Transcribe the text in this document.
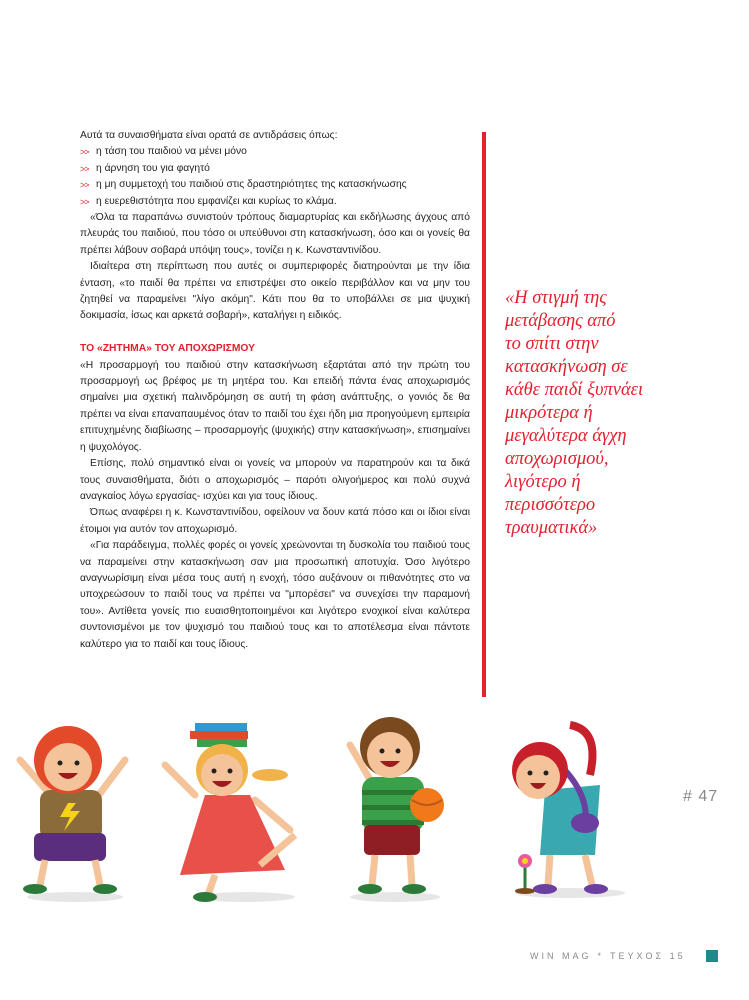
Αυτά τα συναισθήματα είναι ορατά σε αντιδράσεις όπως:

>> η τάση του παιδιού να μένει μόνο
>> η άρνηση του για φαγητό
>> η μη συμμετοχή του παιδιού στις δραστηριότητες της κατασκήνωσης
>> η ευερεθιστότητα που εμφανίζει και κυρίως το κλάμα.

«Όλα τα παραπάνω συνιστούν τρόπους διαμαρτυρίας και εκδήλωσης άγχους από πλευράς του παιδιού, που τόσο οι υπεύθυνοι στη κατασκήνωση, όσο και οι γονείς θα πρέπει λάβουν σοβαρά υπόψη τους», τονίζει η κ. Κωνσταντινίδου.

Ιδιαίτερα στη περίπτωση που αυτές οι συμπεριφορές διατηρούνται με την ίδια ένταση, «το παιδί θα πρέπει να επιστρέψει στο οικείο περιβάλλον και να μην του ζητηθεί να παραμείνει "λίγο ακόμη". Κάτι που θα το υποβάλλει σε μια ψυχική δοκιμασία, ίσως και αρκετά σοβαρή», καταλήγει η ειδικός.

ΤΟ «ΖΗΤΗΜΑ» ΤΟΥ ΑΠΟΧΩΡΙΣΜΟΥ

«Η προσαρμογή του παιδιού στην κατασκήνωση εξαρτάται από την πρώτη του προσαρμογή ως βρέφος με τη μητέρα του. Και επειδή πάντα ένας αποχωρισμός σημαίνει μια σχετική παλινδρόμηση σε αυτή τη φάση ανάπτυξης, ο γονιός δε θα πρέπει να είναι επαναπαυμένος όταν το παιδί του έχει ήδη μια προηγούμενη εμπειρία επιτυχημένης διαβίωσης – προσαρμογής (ψυχικής) στην κατασκήνωση», επισημαίνει η ψυχολόγος.

Επίσης, πολύ σημαντικό είναι οι γονείς να μπορούν να παρατηρούν και τα δικά τους συναισθήματα, διότι ο αποχωρισμός – παρότι ολιγοήμερος και πολύ συχνά αναγκαίος λόγω εργασίας- ισχύει και για τους ίδιους.

Όπως αναφέρει η κ. Κωνσταντινίδου, οφείλουν να δουν κατά πόσο και οι ίδιοι είναι έτοιμοι για αυτόν τον αποχωρισμό.

«Για παράδειγμα, πολλές φορές οι γονείς χρεώνονται τη δυσκολία του παιδιού τους να παραμείνει στην κατασκήνωση σαν μια προσωπική αποτυχία. Όσο λιγότερο αναγνωρίσιμη είναι μέσα τους αυτή η ενοχή, τόσο αυξάνουν οι πιθανότητες στο να υποχρεώσουν το παιδί τους να πρέπει να "μπορέσει" να συνεχίσει την παραμονή του». Αντίθετα γονείς πιο ευαισθητοποιημένοι και λιγότερο ενοχικοί είναι καλύτερα συντονισμένοι με τον ψυχισμό του παιδιού τους και το αποτέλεσμα είναι πάντοτε καλύτερο για το παιδί και τους ίδιους.

«Η στιγμή της
μετάβασης από
το σπίτι στην
κατασκήνωση σε
κάθε παιδί ξυπνάει
μικρότερα ή
μεγαλύτερα άγχη
αποχωρισμού,
λιγότερο ή
περισσότερο
τραυματικά»
# 47
WIN MAG * ΤΕΥΧΟΣ 15
